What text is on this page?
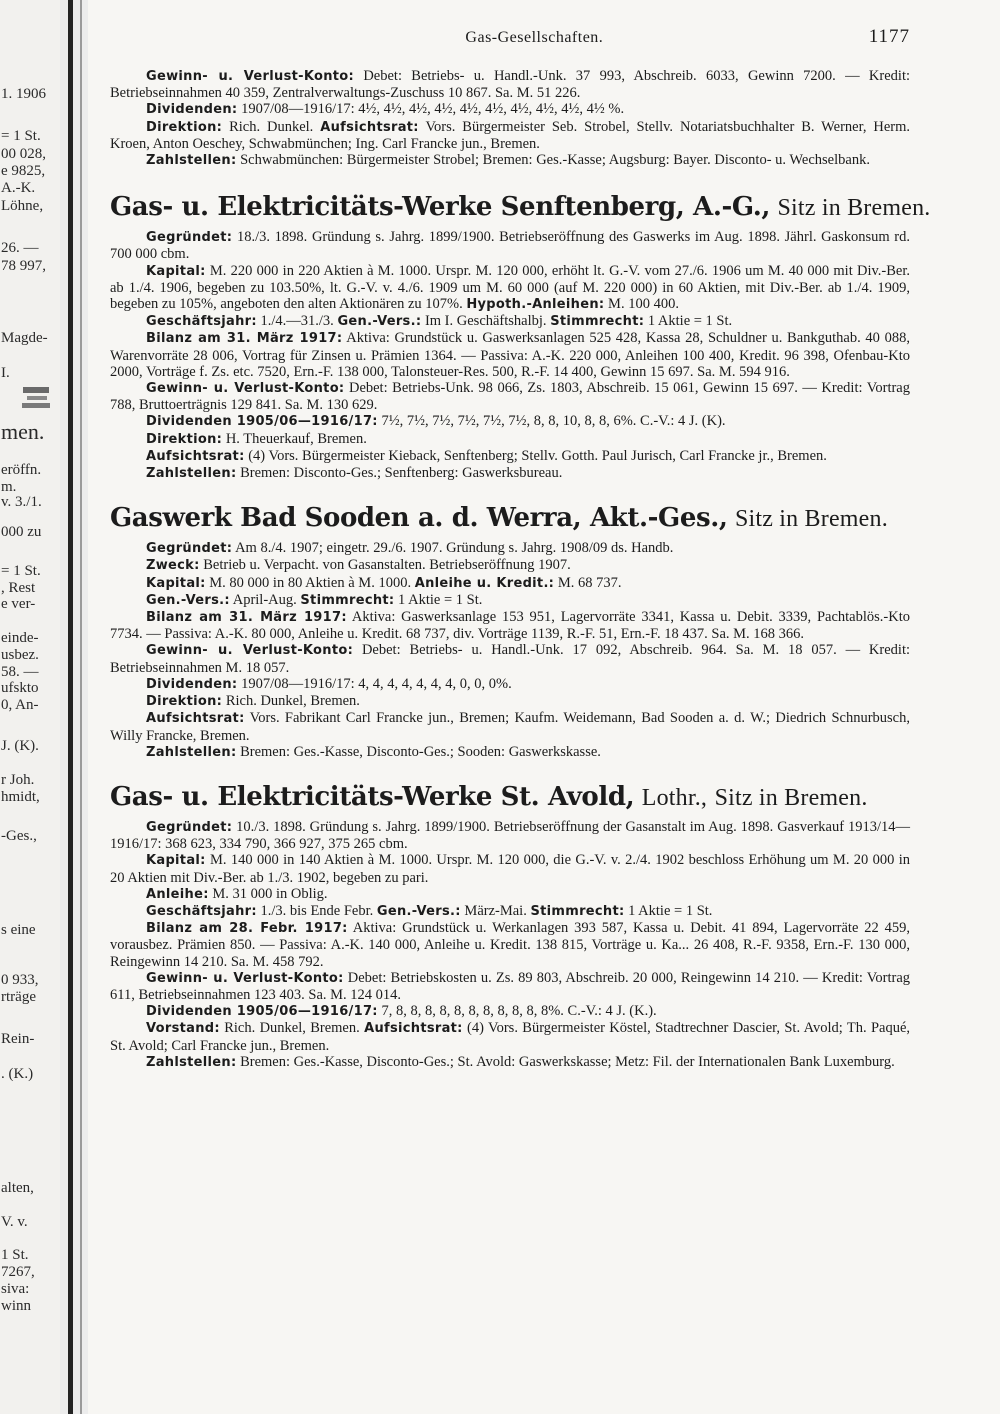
1. 1906
= 1 St.
00 028,
e 9825,
A.-K.
Löhne,
26. —
78 997,
Magde-
I.
men.
eröffn.
m.
v. 3./1.
000 zu
= 1 St.
, Rest
e ver-
einde-
usbez.
58. —
ufskto
0, An-
J. (K).
r Joh.
hmidt,
-Ges.,
s eine
0 933,
rträge
Rein-
. (K.)
alten,
V. v.
1 St.
7267,
siva:
winn
Gas-Gesellschaften.	1177

Gewinn- u. Verlust-Konto: Debet: Betriebs- u. Handl.-Unk. 37 993, Abschreib. 6033, Gewinn 7200. — Kredit: Betriebseinnahmen 40 359, Zentralverwaltungs-Zuschuss 10 867. Sa. M. 51 226.

Dividenden: 1907/08—1916/17: 4½, 4½, 4½, 4½, 4½, 4½, 4½, 4½, 4½, 4½ %.

Direktion: Rich. Dunkel. Aufsichtsrat: Vors. Bürgermeister Seb. Strobel, Stellv. Notariatsbuchhalter B. Werner, Herm. Kroen, Anton Oeschey, Schwabmünchen; Ing. Carl Francke jun., Bremen.

Zahlstellen: Schwabmünchen: Bürgermeister Strobel; Bremen: Ges.-Kasse; Augsburg: Bayer. Disconto- u. Wechselbank.

Gas- u. Elektricitäts-Werke Senftenberg, A.-G., Sitz in Bremen.

Gegründet: 18./3. 1898. Gründung s. Jahrg. 1899/1900. Betriebseröffnung des Gaswerks im Aug. 1898. Jährl. Gaskonsum rd. 700 000 cbm.

Kapital: M. 220 000 in 220 Aktien à M. 1000. Urspr. M. 120 000, erhöht lt. G.-V. vom 27./6. 1906 um M. 40 000 mit Div.-Ber. ab 1./4. 1906, begeben zu 103.50%, lt. G.-V. v. 4./6. 1909 um M. 60 000 (auf M. 220 000) in 60 Aktien, mit Div.-Ber. ab 1./4. 1909, begeben zu 105%, angeboten den alten Aktionären zu 107%. Hypoth.-Anleihen: M. 100 400.

Geschäftsjahr: 1./4.—31./3. Gen.-Vers.: Im I. Geschäftshalbj. Stimmrecht: 1 Aktie = 1 St.

Bilanz am 31. März 1917: Aktiva: Grundstück u. Gaswerksanlagen 525 428, Kassa 28, Schuldner u. Bankguthab. 40 088, Warenvorräte 28 006, Vortrag für Zinsen u. Prämien 1364. — Passiva: A.-K. 220 000, Anleihen 100 400, Kredit. 96 398, Ofenbau-Kto 2000, Vorträge f. Zs. etc. 7520, Ern.-F. 138 000, Talonsteuer-Res. 500, R.-F. 14 400, Gewinn 15 697. Sa. M. 594 916.

Gewinn- u. Verlust-Konto: Debet: Betriebs-Unk. 98 066, Zs. 1803, Abschreib. 15 061, Gewinn 15 697. — Kredit: Vortrag 788, Bruttoerträgnis 129 841. Sa. M. 130 629.

Dividenden 1905/06—1916/17: 7½, 7½, 7½, 7½, 7½, 7½, 8, 8, 10, 8, 8, 6%. C.-V.: 4 J. (K).

Direktion: H. Theuerkauf, Bremen.

Aufsichtsrat: (4) Vors. Bürgermeister Kieback, Senftenberg; Stellv. Gotth. Paul Jurisch, Carl Francke jr., Bremen.

Zahlstellen: Bremen: Disconto-Ges.; Senftenberg: Gaswerksbureau.

Gaswerk Bad Sooden a. d. Werra, Akt.-Ges., Sitz in Bremen.

Gegründet: Am 8./4. 1907; eingetr. 29./6. 1907. Gründung s. Jahrg. 1908/09 ds. Handb.

Zweck: Betrieb u. Verpacht. von Gasanstalten. Betriebseröffnung 1907.

Kapital: M. 80 000 in 80 Aktien à M. 1000. Anleihe u. Kredit.: M. 68 737.

Gen.-Vers.: April-Aug. Stimmrecht: 1 Aktie = 1 St.

Bilanz am 31. März 1917: Aktiva: Gaswerksanlage 153 951, Lagervorräte 3341, Kassa u. Debit. 3339, Pachtablös.-Kto 7734. — Passiva: A.-K. 80 000, Anleihe u. Kredit. 68 737, div. Vorträge 1139, R.-F. 51, Ern.-F. 18 437. Sa. M. 168 366.

Gewinn- u. Verlust-Konto: Debet: Betriebs- u. Handl.-Unk. 17 092, Abschreib. 964. Sa. M. 18 057. — Kredit: Betriebseinnahmen M. 18 057.

Dividenden: 1907/08—1916/17: 4, 4, 4, 4, 4, 4, 4, 0, 0, 0%.

Direktion: Rich. Dunkel, Bremen.

Aufsichtsrat: Vors. Fabrikant Carl Francke jun., Bremen; Kaufm. Weidemann, Bad Sooden a. d. W.; Diedrich Schnurbusch, Willy Francke, Bremen.

Zahlstellen: Bremen: Ges.-Kasse, Disconto-Ges.; Sooden: Gaswerkskasse.

Gas- u. Elektricitäts-Werke St. Avold, Lothr., Sitz in Bremen.

Gegründet: 10./3. 1898. Gründung s. Jahrg. 1899/1900. Betriebseröffnung der Gasanstalt im Aug. 1898. Gasverkauf 1913/14—1916/17: 368 623, 334 790, 366 927, 375 265 cbm.

Kapital: M. 140 000 in 140 Aktien à M. 1000. Urspr. M. 120 000, die G.-V. v. 2./4. 1902 beschloss Erhöhung um M. 20 000 in 20 Aktien mit Div.-Ber. ab 1./3. 1902, begeben zu pari.

Anleihe: M. 31 000 in Oblig.

Geschäftsjahr: 1./3. bis Ende Febr. Gen.-Vers.: März-Mai. Stimmrecht: 1 Aktie = 1 St.

Bilanz am 28. Febr. 1917: Aktiva: Grundstück u. Werkanlagen 393 587, Kassa u. Debit. 41 894, Lagervorräte 22 459, vorausbez. Prämien 850. — Passiva: A.-K. 140 000, Anleihe u. Kredit. 138 815, Vorträge u. Ka... 26 408, R.-F. 9358, Ern.-F. 130 000, Reingewinn 14 210. Sa. M. 458 792.

Gewinn- u. Verlust-Konto: Debet: Betriebskosten u. Zs. 89 803, Abschreib. 20 000, Reingewinn 14 210. — Kredit: Vortrag 611, Betriebseinnahmen 123 403. Sa. M. 124 014.

Dividenden 1905/06—1916/17: 7, 8, 8, 8, 8, 8, 8, 8, 8, 8, 8, 8%. C.-V.: 4 J. (K.).

Vorstand: Rich. Dunkel, Bremen. Aufsichtsrat: (4) Vors. Bürgermeister Köstel, Stadtrechner Dascier, St. Avold; Th. Paqué, St. Avold; Carl Francke jun., Bremen.

Zahlstellen: Bremen: Ges.-Kasse, Disconto-Ges.; St. Avold: Gaswerkskasse; Metz: Fil. der Internationalen Bank Luxemburg.
